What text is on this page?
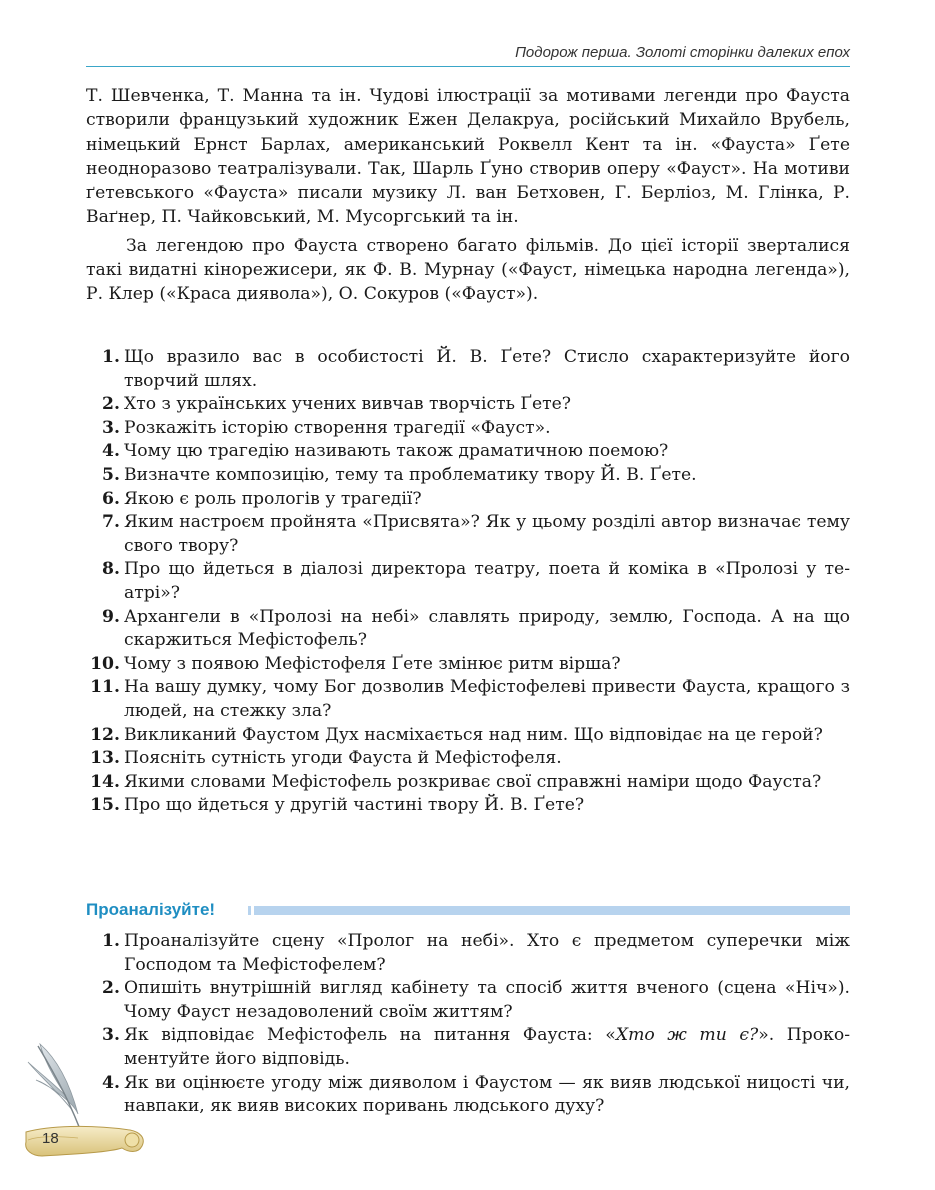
Подорож перша. Золоті сторінки далеких епох

Т. Шевченка, Т. Манна та ін. Чудові ілюстрації за мотивами легенди про Фауста створили французький художник Ежен Делакруа, російський Михайло Врубель, німецький Ернст Барлах, американський Роквелл Кент та ін. «Фауста» Ґете неодноразово театралізували. Так, Шарль Ґуно створив оперу «Фауст». На мотиви ґетевського «Фауста» писали музику Л. ван Бетховен, Г. Берліоз, М. Глінка, Р. Ваґнер, П. Чайковський, М. Мусоргський та ін.

За легендою про Фауста створено багато фільмів. До цієї історії зверталися такі видатні кінорежисери, як Ф. В. Мурнау («Фауст, німецька народна легенда»), Р. Клер («Краса диявола»), О. Сокуров («Фауст»).

1. Що вразило вас в особистості Й. В. Ґете? Стисло схарактеризуйте його творчий шлях.
2. Хто з українських учених вивчав творчість Ґете?
3. Розкажіть історію створення трагедії «Фауст».
4. Чому цю трагедію називають також драматичною поемою?
5. Визначте композицію, тему та проблематику твору Й. В. Ґете.
6. Якою є роль прологів у трагедії?
7. Яким настроєм пройнята «Присвята»? Як у цьому розділі автор визначає тему свого твору?
8. Про що йдеться в діалозі директора театру, поета й коміка в «Пролозі у театрі»?
9. Архангели в «Пролозі на небі» славлять природу, землю, Господа. А на що скаржиться Мефістофель?
10. Чому з появою Мефістофеля Ґете змінює ритм вірша?
11. На вашу думку, чому Бог дозволив Мефістофелеві привести Фауста, кращого з людей, на стежку зла?
12. Викликаний Фаустом Дух насміхається над ним. Що відповідає на це герой?
13. Поясніть сутність угоди Фауста й Мефістофеля.
14. Якими словами Мефістофель розкриває свої справжні наміри щодо Фауста?
15. Про що йдеться у другій частині твору Й. В. Ґете?
Проаналізуйте!
1. Проаналізуйте сцену «Пролог на небі». Хто є предметом суперечки між Господом та Мефістофелем?
2. Опишіть внутрішній вигляд кабінету та спосіб життя вченого (сцена «Ніч»). Чому Фауст незадоволений своїм життям?
3. Як відповідає Мефістофель на питання Фауста: «Хто ж ти є?». Прокоментуйте його відповідь.
4. Як ви оцінюєте угоду між дияволом і Фаустом — як вияв людської ницості чи, навпаки, як вияв високих поривань людського духу?
18
